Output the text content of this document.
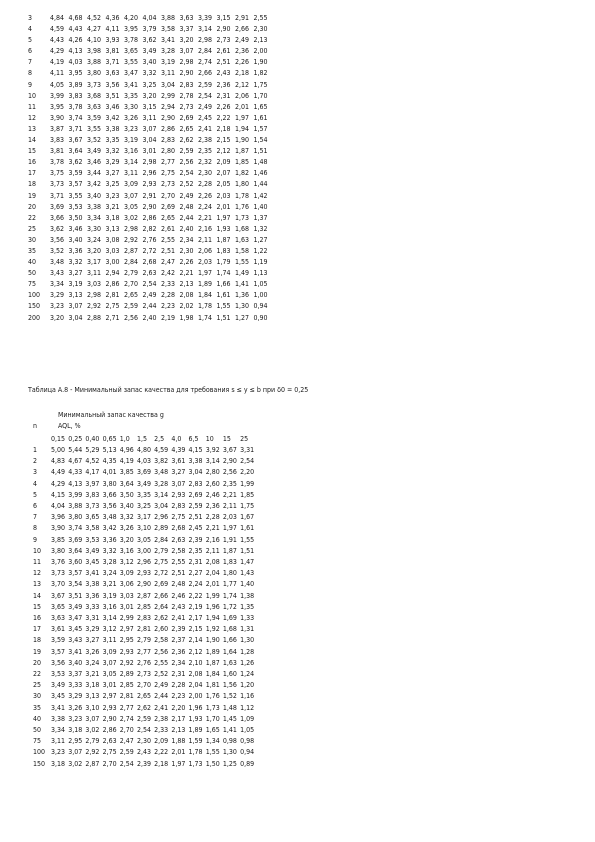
3	4,84	4,68	4,52	4,36	4,20	4,04	3,88	3,63	3,39	3,15	2,91	2,55
4	4,59	4,43	4,27	4,11	3,95	3,79	3,58	3,37	3,14	2,90	2,66	2,30
5	4,43	4,26	4,10	3,93	3,78	3,62	3,41	3,20	2,98	2,73	2,49	2,13
6	4,29	4,13	3,98	3,81	3,65	3,49	3,28	3,07	2,84	2,61	2,36	2,00
7	4,19	4,03	3,88	3,71	3,55	3,40	3,19	2,98	2,74	2,51	2,26	1,90
8	4,11	3,95	3,80	3,63	3,47	3,32	3,11	2,90	2,66	2,43	2,18	1,82
9	4,05	3,89	3,73	3,56	3,41	3,25	3,04	2,83	2,59	2,36	2,12	1,75
10	3,99	3,83	3,68	3,51	3,35	3,20	2,99	2,78	2,54	2,31	2,06	1,70
11	3,95	3,78	3,63	3,46	3,30	3,15	2,94	2,73	2,49	2,26	2,01	1,65
12	3,90	3,74	3,59	3,42	3,26	3,11	2,90	2,69	2,45	2,22	1,97	1,61
13	3,87	3,71	3,55	3,38	3,23	3,07	2,86	2,65	2,41	2,18	1,94	1,57
14	3,83	3,67	3,52	3,35	3,19	3,04	2,83	2,62	2,38	2,15	1,90	1,54
15	3,81	3,64	3,49	3,32	3,16	3,01	2,80	2,59	2,35	2,12	1,87	1,51
16	3,78	3,62	3,46	3,29	3,14	2,98	2,77	2,56	2,32	2,09	1,85	1,48
17	3,75	3,59	3,44	3,27	3,11	2,96	2,75	2,54	2,30	2,07	1,82	1,46
18	3,73	3,57	3,42	3,25	3,09	2,93	2,73	2,52	2,28	2,05	1,80	1,44
19	3,71	3,55	3,40	3,23	3,07	2,91	2,70	2,49	2,26	2,03	1,78	1,42
20	3,69	3,53	3,38	3,21	3,05	2,90	2,69	2,48	2,24	2,01	1,76	1,40
22	3,66	3,50	3,34	3,18	3,02	2,86	2,65	2,44	2,21	1,97	1,73	1,37
25	3,62	3,46	3,30	3,13	2,98	2,82	2,61	2,40	2,16	1,93	1,68	1,32
30	3,56	3,40	3,24	3,08	2,92	2,76	2,55	2,34	2,11	1,87	1,63	1,27
35	3,52	3,36	3,20	3,03	2,87	2,72	2,51	2,30	2,06	1,83	1,58	1,22
40	3,48	3,32	3,17	3,00	2,84	2,68	2,47	2,26	2,03	1,79	1,55	1,19
50	3,43	3,27	3,11	2,94	2,79	2,63	2,42	2,21	1,97	1,74	1,49	1,13
75	3,34	3,19	3,03	2,86	2,70	2,54	2,33	2,13	1,89	1,66	1,41	1,05
100	3,29	3,13	2,98	2,81	2,65	2,49	2,28	2,08	1,84	1,61	1,36	1,00
150	3,23	3,07	2,92	2,75	2,59	2,44	2,23	2,02	1,78	1,55	1,30	0,94
200	3,20	3,04	2,88	2,71	2,56	2,40	2,19	1,98	1,74	1,51	1,27	0,90
Таблица А.8 - Минимальный запас качества для требования s ≤ y ≤ b при δ0 = 0,25
Минимальный запас качества g
n	AQL, %
	0,15	0,25	0,40	0,65	1,0	1,5	2,5	4,0	6,5	10	15	25
1	5,00	5,44	5,29	5,13	4,96	4,80	4,59	4,39	4,15	3,92	3,67	3,31
2	4,83	4,67	4,52	4,35	4,19	4,03	3,82	3,61	3,38	3,14	2,90	2,54
3	4,49	4,33	4,17	4,01	3,85	3,69	3,48	3,27	3,04	2,80	2,56	2,20
4	4,29	4,13	3,97	3,80	3,64	3,49	3,28	3,07	2,83	2,60	2,35	1,99
5	4,15	3,99	3,83	3,66	3,50	3,35	3,14	2,93	2,69	2,46	2,21	1,85
6	4,04	3,88	3,73	3,56	3,40	3,25	3,04	2,83	2,59	2,36	2,11	1,75
7	3,96	3,80	3,65	3,48	3,32	3,17	2,96	2,75	2,51	2,28	2,03	1,67
8	3,90	3,74	3,58	3,42	3,26	3,10	2,89	2,68	2,45	2,21	1,97	1,61
9	3,85	3,69	3,53	3,36	3,20	3,05	2,84	2,63	2,39	2,16	1,91	1,55
10	3,80	3,64	3,49	3,32	3,16	3,00	2,79	2,58	2,35	2,11	1,87	1,51
11	3,76	3,60	3,45	3,28	3,12	2,96	2,75	2,55	2,31	2,08	1,83	1,47
12	3,73	3,57	3,41	3,24	3,09	2,93	2,72	2,51	2,27	2,04	1,80	1,43
13	3,70	3,54	3,38	3,21	3,06	2,90	2,69	2,48	2,24	2,01	1,77	1,40
14	3,67	3,51	3,36	3,19	3,03	2,87	2,66	2,46	2,22	1,99	1,74	1,38
15	3,65	3,49	3,33	3,16	3,01	2,85	2,64	2,43	2,19	1,96	1,72	1,35
16	3,63	3,47	3,31	3,14	2,99	2,83	2,62	2,41	2,17	1,94	1,69	1,33
17	3,61	3,45	3,29	3,12	2,97	2,81	2,60	2,39	2,15	1,92	1,68	1,31
18	3,59	3,43	3,27	3,11	2,95	2,79	2,58	2,37	2,14	1,90	1,66	1,30
19	3,57	3,41	3,26	3,09	2,93	2,77	2,56	2,36	2,12	1,89	1,64	1,28
20	3,56	3,40	3,24	3,07	2,92	2,76	2,55	2,34	2,10	1,87	1,63	1,26
22	3,53	3,37	3,21	3,05	2,89	2,73	2,52	2,31	2,08	1,84	1,60	1,24
25	3,49	3,33	3,18	3,01	2,85	2,70	2,49	2,28	2,04	1,81	1,56	1,20
30	3,45	3,29	3,13	2,97	2,81	2,65	2,44	2,23	2,00	1,76	1,52	1,16
35	3,41	3,26	3,10	2,93	2,77	2,62	2,41	2,20	1,96	1,73	1,48	1,12
40	3,38	3,23	3,07	2,90	2,74	2,59	2,38	2,17	1,93	1,70	1,45	1,09
50	3,34	3,18	3,02	2,86	2,70	2,54	2,33	2,13	1,89	1,65	1,41	1,05
75	3,11	2,95	2,79	2,63	2,47	2,30	2,09	1,88	1,59	1,34	0,98	0,98
100	3,23	3,07	2,92	2,75	2,59	2,43	2,22	2,01	1,78	1,55	1,30	0,94
150	3,18	3,02	2,87	2,70	2,54	2,39	2,18	1,97	1,73	1,50	1,25	0,89
